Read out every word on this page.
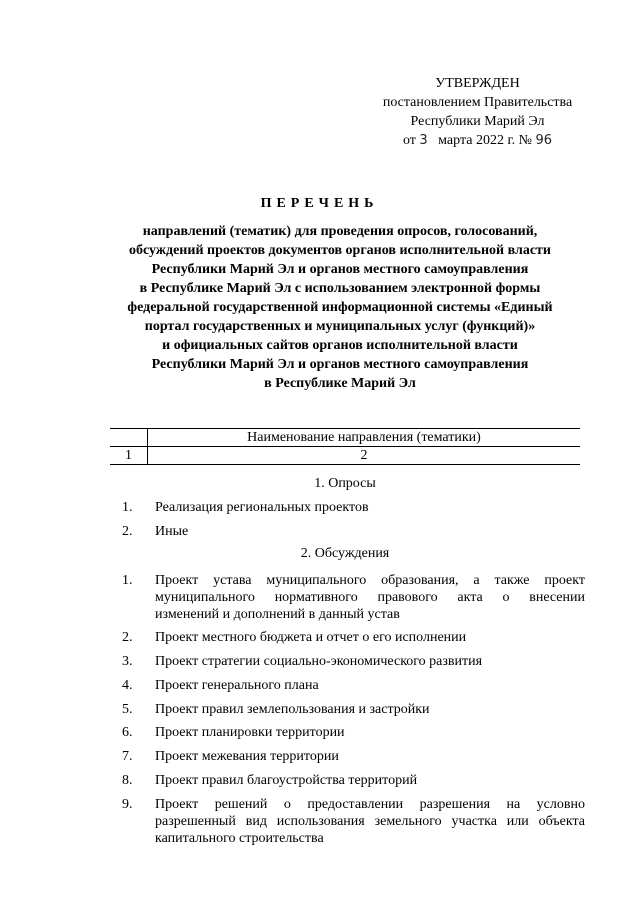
УТВЕРЖДЕН
постановлением Правительства
Республики Марий Эл
от 3 марта 2022 г. № 96
ПЕРЕЧЕНЬ
направлений (тематик) для проведения опросов, голосований,
обсуждений проектов документов органов исполнительной власти
Республики Марий Эл и органов местного самоуправления
в Республике Марий Эл с использованием электронной формы
федеральной государственной информационной системы «Единый
портал государственных и муниципальных услуг (функций)»
и официальных сайтов органов исполнительной власти
Республики Марий Эл и органов местного самоуправления
в Республике Марий Эл
	Наименование направления (тематики)
1	2
1. Опросы
1. Реализация региональных проектов
2. Иные
2. Обсуждения
1. Проект устава муниципального образования, а также проект
муниципального нормативного правового акта о внесении
изменений и дополнений в данный устав
2. Проект местного бюджета и отчет о его исполнении
3. Проект стратегии социально-экономического развития
4. Проект генерального плана
5. Проект правил землепользования и застройки
6. Проект планировки территории
7. Проект межевания территории
8. Проект правил благоустройства территорий
9. Проект решений о предоставлении разрешения на условно
разрешенный вид использования земельного участка или объекта
капитального строительства
